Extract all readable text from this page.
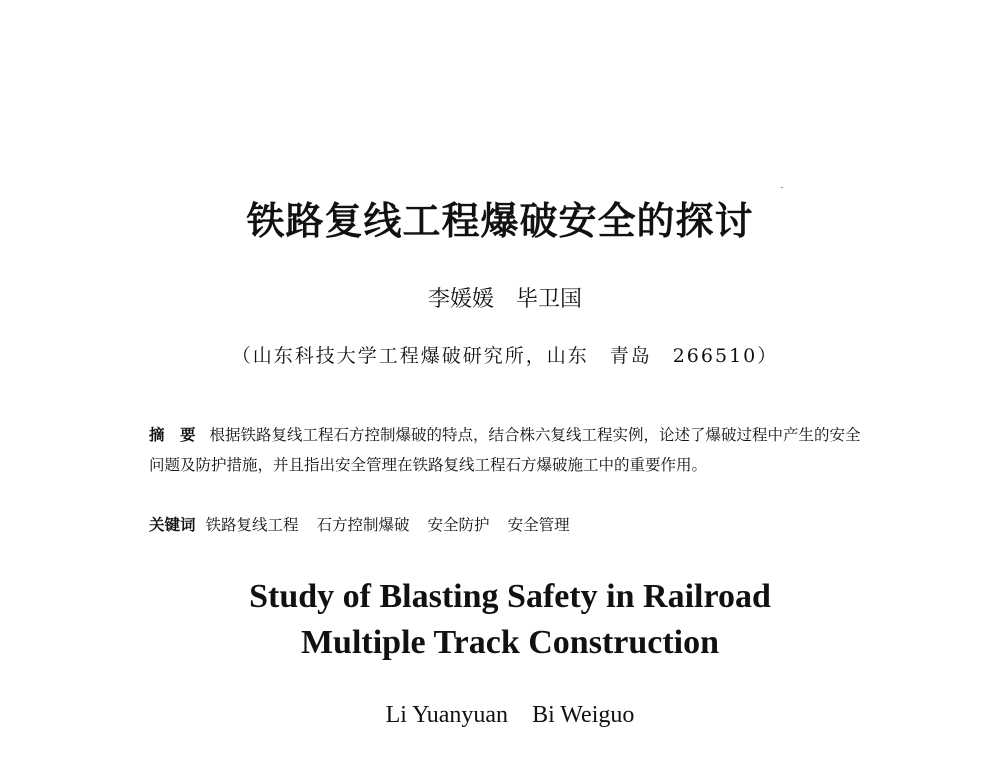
铁路复线工程爆破安全的探讨

李媛媛 毕卫国

（山东科技大学工程爆破研究所，山东　青岛　266510）

摘　要 根据铁路复线工程石方控制爆破的特点，结合株六复线工程实例，论述了爆破过程中产生的安全问题及防护措施，并且指出安全管理在铁路复线工程石方爆破施工中的重要作用。

关键词 铁路复线工程 石方控制爆破 安全防护 安全管理

Study of Blasting Safety in Railroad
Multiple Track Construction

Li Yuanyuan Bi Weiguo
